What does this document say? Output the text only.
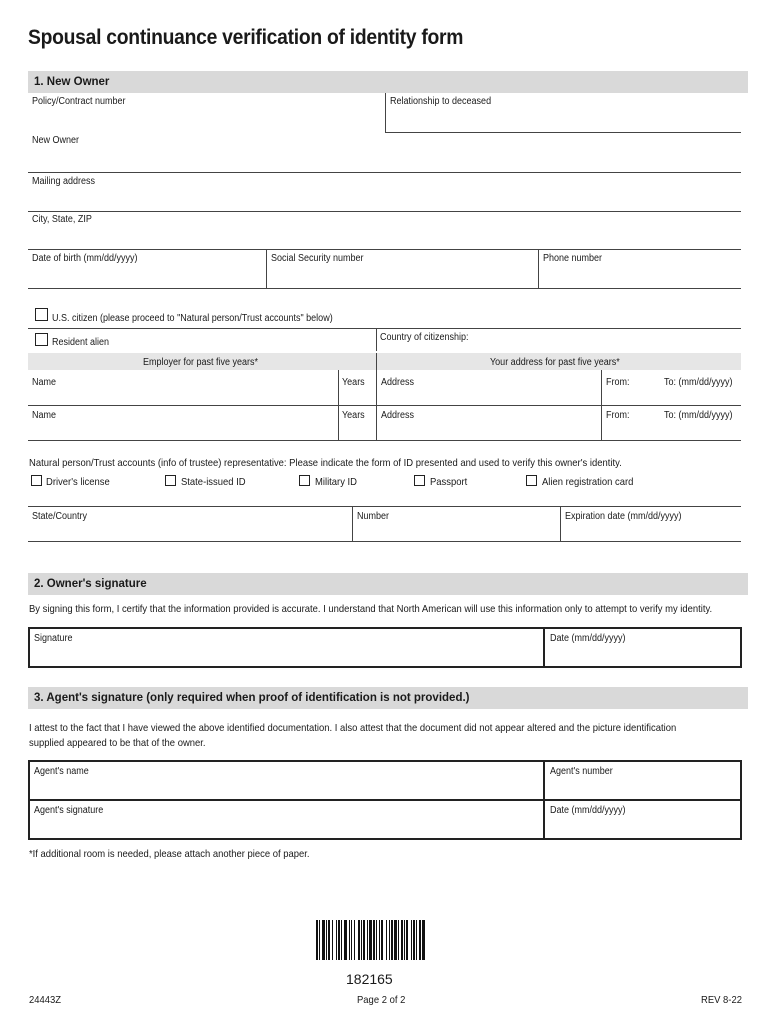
Spousal continuance verification of identity form
1. New Owner
Policy/Contract number	Relationship to deceased
New Owner
Mailing address
City, State, ZIP
Date of birth (mm/dd/yyyy)	Social Security number	Phone number
U.S. citizen (please proceed to "Natural person/Trust accounts" below)
Resident alien	Country of citizenship:
Employer for past five years*	Your address for past five years*
Name	Years Address	From:	To: (mm/dd/yyyy)
Name	Years Address	From:	To: (mm/dd/yyyy)
Natural person/Trust accounts (info of trustee) representative: Please indicate the form of ID presented and used to verify this owner's identity.
Driver's license	State-issued ID	Military ID	Passport	Alien registration card
State/Country	Number	Expiration date (mm/dd/yyyy)
2. Owner's signature
By signing this form, I certify that the information provided is accurate. I understand that North American will use this information only to attempt to verify my identity.
Signature	Date (mm/dd/yyyy)
3. Agent's signature (only required when proof of identification is not provided.)
I attest to the fact that I have viewed the above identified documentation. I also attest that the document did not appear altered and the picture identification
supplied appeared to be that of the owner.
Agent's name	Agent's number
Agent's signature	Date (mm/dd/yyyy)
*If additional room is needed, please attach another piece of paper.
182165
24443Z	Page 2 of 2	REV 8-22
